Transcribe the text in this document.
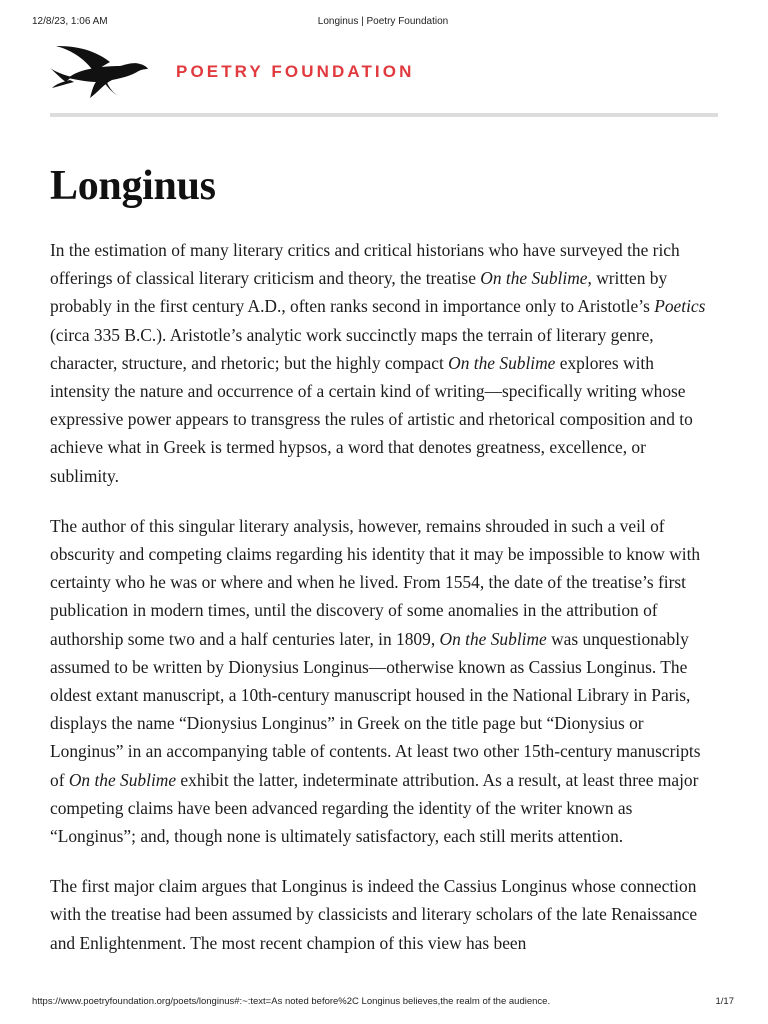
12/8/23, 1:06 AM	Longinus | Poetry Foundation
POETRY FOUNDATION
Longinus

In the estimation of many literary critics and critical historians who have surveyed the rich offerings of classical literary criticism and theory, the treatise On the Sublime, written by probably in the first century A.D., often ranks second in importance only to Aristotle’s Poetics (circa 335 B.C.). Aristotle’s analytic work succinctly maps the terrain of literary genre, character, structure, and rhetoric; but the highly compact On the Sublime explores with intensity the nature and occurrence of a certain kind of writing—specifically writing whose expressive power appears to transgress the rules of artistic and rhetorical composition and to achieve what in Greek is termed hypsos, a word that denotes greatness, excellence, or sublimity.

The author of this singular literary analysis, however, remains shrouded in such a veil of obscurity and competing claims regarding his identity that it may be impossible to know with certainty who he was or where and when he lived. From 1554, the date of the treatise’s first publication in modern times, until the discovery of some anomalies in the attribution of authorship some two and a half centuries later, in 1809, On the Sublime was unquestionably assumed to be written by Dionysius Longinus—otherwise known as Cassius Longinus. The oldest extant manuscript, a 10th-century manuscript housed in the National Library in Paris, displays the name “Dionysius Longinus” in Greek on the title page but “Dionysius or Longinus” in an accompanying table of contents. At least two other 15th-century manuscripts of On the Sublime exhibit the latter, indeterminate attribution. As a result, at least three major competing claims have been advanced regarding the identity of the writer known as “Longinus”; and, though none is ultimately satisfactory, each still merits attention.

The first major claim argues that Longinus is indeed the Cassius Longinus whose connection with the treatise had been assumed by classicists and literary scholars of the late Renaissance and Enlightenment. The most recent champion of this view has been

https://www.poetryfoundation.org/poets/longinus#:~:text=As noted before%2C Longinus believes,the realm of the audience.	1/17
